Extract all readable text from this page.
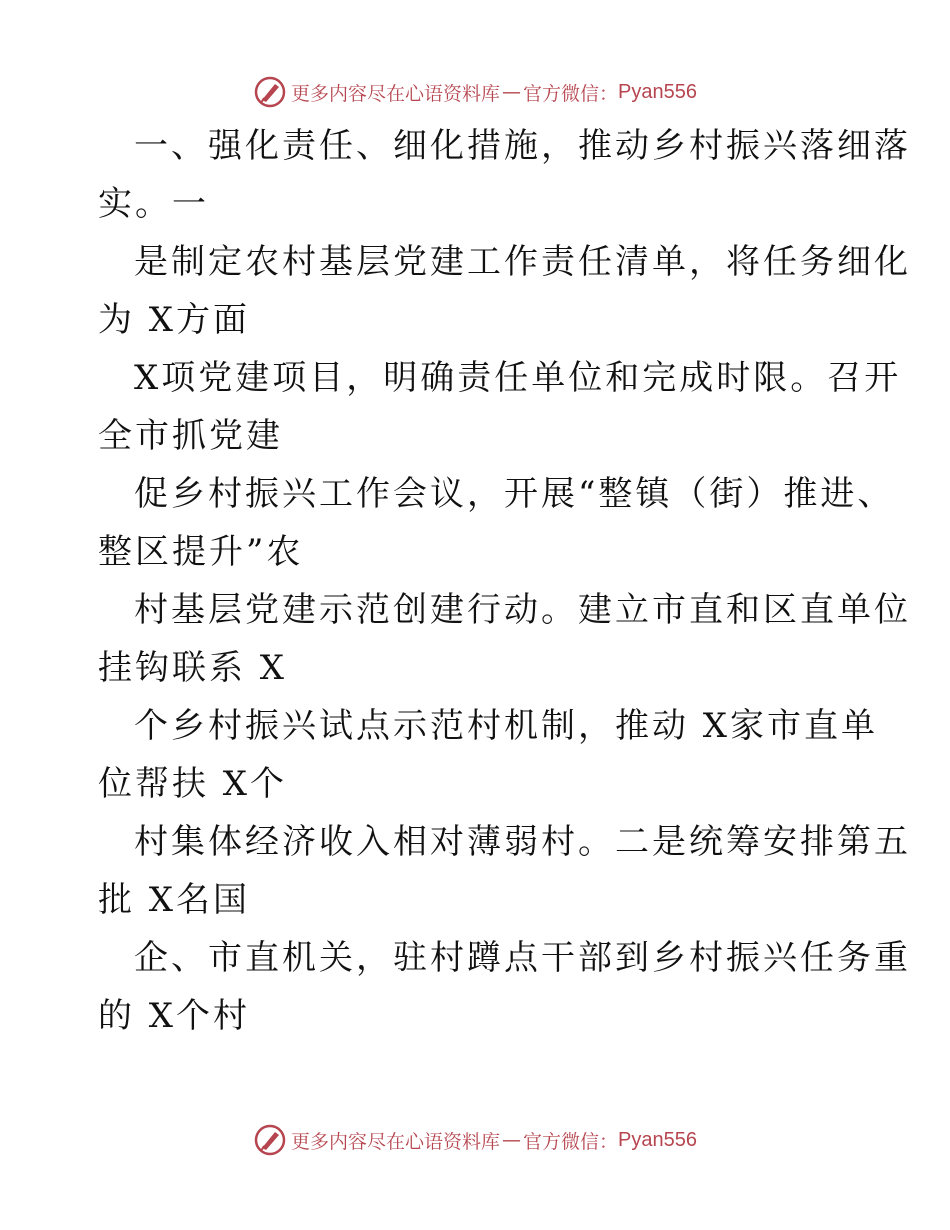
更多内容尽在心语资料库 — 官方微信： Pyan556
一、强化责任、细化措施，推动乡村振兴落细落
实。一
是制定农村基层党建工作责任清单，将任务细化
为 X方面
X项党建项目，明确责任单位和完成时限。召开
全市抓党建
促乡村振兴工作会议，开展“整镇（街）推进、
整区提升”农
村基层党建示范创建行动。建立市直和区直单位
挂钩联系 X
个乡村振兴试点示范村机制，推动 X家市直单
位帮扶 X个
村集体经济收入相对薄弱村。二是统筹安排第五
批 X名国
企、市直机关，驻村蹲点干部到乡村振兴任务重
的 X个村
更多内容尽在心语资料库 — 官方微信： Pyan556
